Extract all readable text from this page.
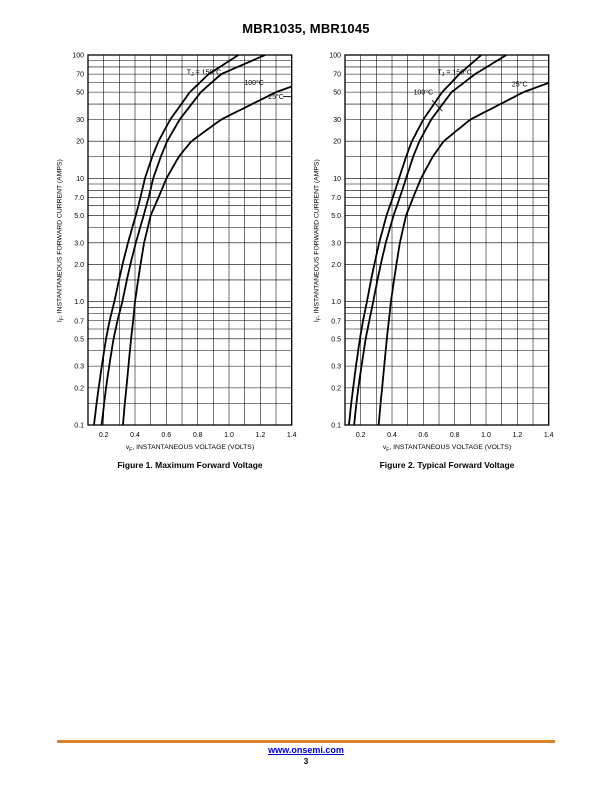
MBR1035, MBR1045
$T_J = 150^\circ C$
100°C
25°C
100
70
50
30
20
10
7.0
5.0
3.0
2.0
1.0
0.7
0.5
0.3
0.2
0.1
0.2	0.4	0.6	0.8	1.0	1.2	1.4
$T_J = 150^\circ C$
100°C
25°C
100
70
50
30
20
10
7.0
5.0
3.0
2.0
1.0
0.7
0.5
0.3
0.2
0.1
0.2	0.4	0.6	0.8	1.0	1.2	1.4
$I_F$, INSTANTANEOUS FORWARD CURRENT (AMPS)
$I_F$, INSTANTANEOUS FORWARD CURRENT (AMPS)
$v_F$, INSTANTANEOUS VOLTAGE (VOLTS)	$v_F$, INSTANTANEOUS VOLTAGE (VOLTS)
Figure 1. Maximum Forward Voltage	Figure 2. Typical Forward Voltage
www.onsemi.com
3
